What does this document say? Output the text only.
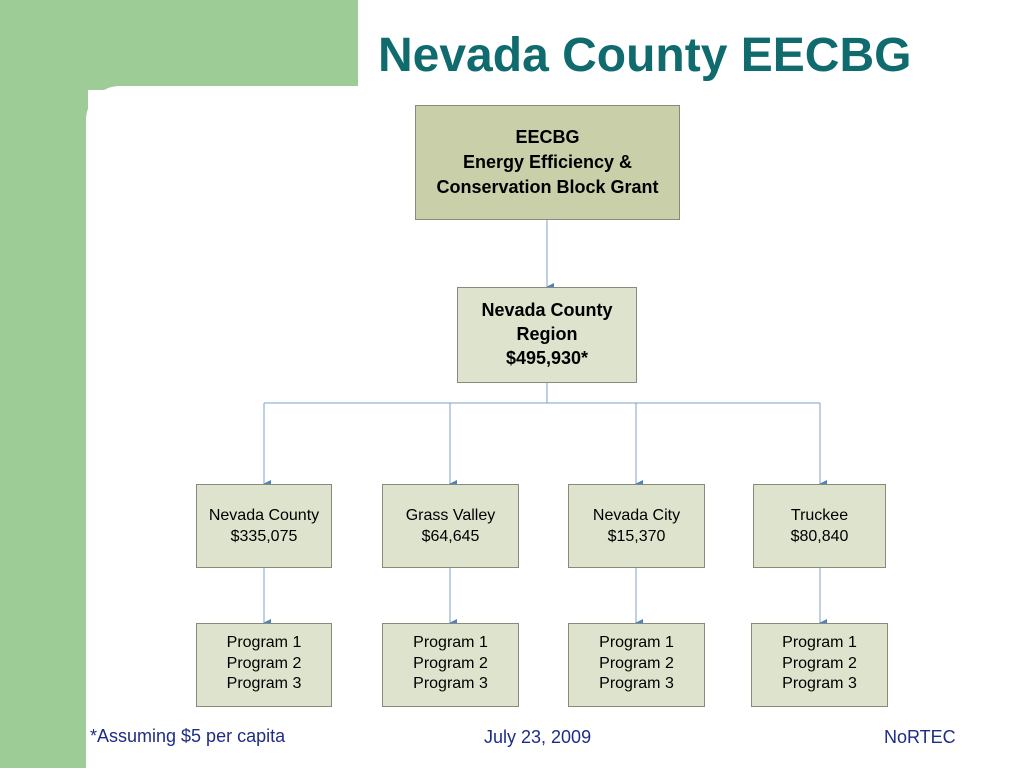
Nevada County EECBG
EECBG
Energy Efficiency &
Conservation Block Grant
Nevada County
Region
$495,930*
Nevada County
$335,075
Grass Valley
$64,645
Nevada City
$15,370
Truckee
$80,840
Program 1
Program 2
Program 3
Program 1
Program 2
Program 3
Program 1
Program 2
Program 3
Program 1
Program 2
Program 3
*Assuming $5 per capita	July 23, 2009	NoRTEC
